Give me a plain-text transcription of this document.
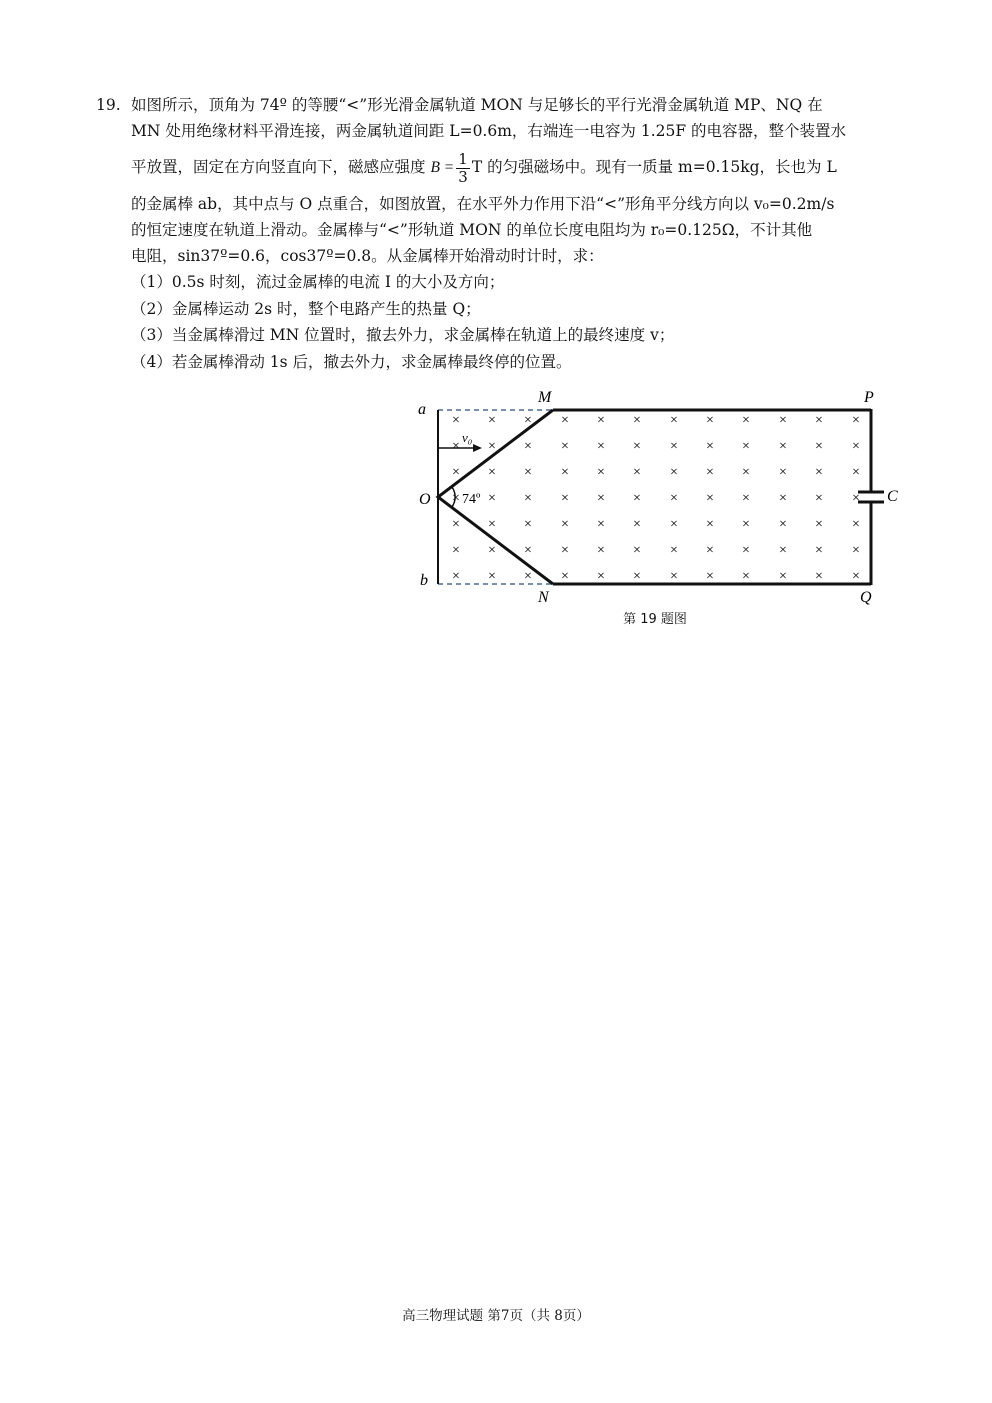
19. 如图所示，顶角为 74º 的等腰“<”形光滑金属轨道 MON 与足够长的平行光滑金属轨道 MP、NQ 在
MN 处用绝缘材料平滑连接，两金属轨道间距 L=0.6m，右端连一电容为 1.25F 的电容器，整个装置水
平放置，固定在方向竖直向下，磁感应强度 $B = \frac{1}{3}$ T 的匀强磁场中。现有一质量 m=0.15kg，长也为 L
的金属棒 ab，其中点与 O 点重合，如图放置，在水平外力作用下沿“<”形角平分线方向以 v₀=0.2m/s
的恒定速度在轨道上滑动。金属棒与“<”形轨道 MON 的单位长度电阻均为 r₀=0.125Ω，不计其他
电阻，sin37º=0.6，cos37º=0.8。从金属棒开始滑动时计时，求：
（1）0.5s 时刻，流过金属棒的电流 I 的大小及方向；
（2）金属棒运动 2s 时，整个电路产生的热量 Q；
（3）当金属棒滑过 MN 位置时，撤去外力，求金属棒在轨道上的最终速度 v；
（4）若金属棒滑动 1s 后，撤去外力，求金属棒最终停的位置。
× × × × × × × × × × × ×
× × × × × × × × × × × ×
× × × × × × × × × × × ×
× × × × × × × × × × × ×
× × × × × × × × × × × ×
× × × × × × × × × × × ×
× × × × × × × × × × × ×
a
b
O
M
N
P
Q
C
v₀
74º
第 19 题图
高三物理试题 第7页（共 8页）
